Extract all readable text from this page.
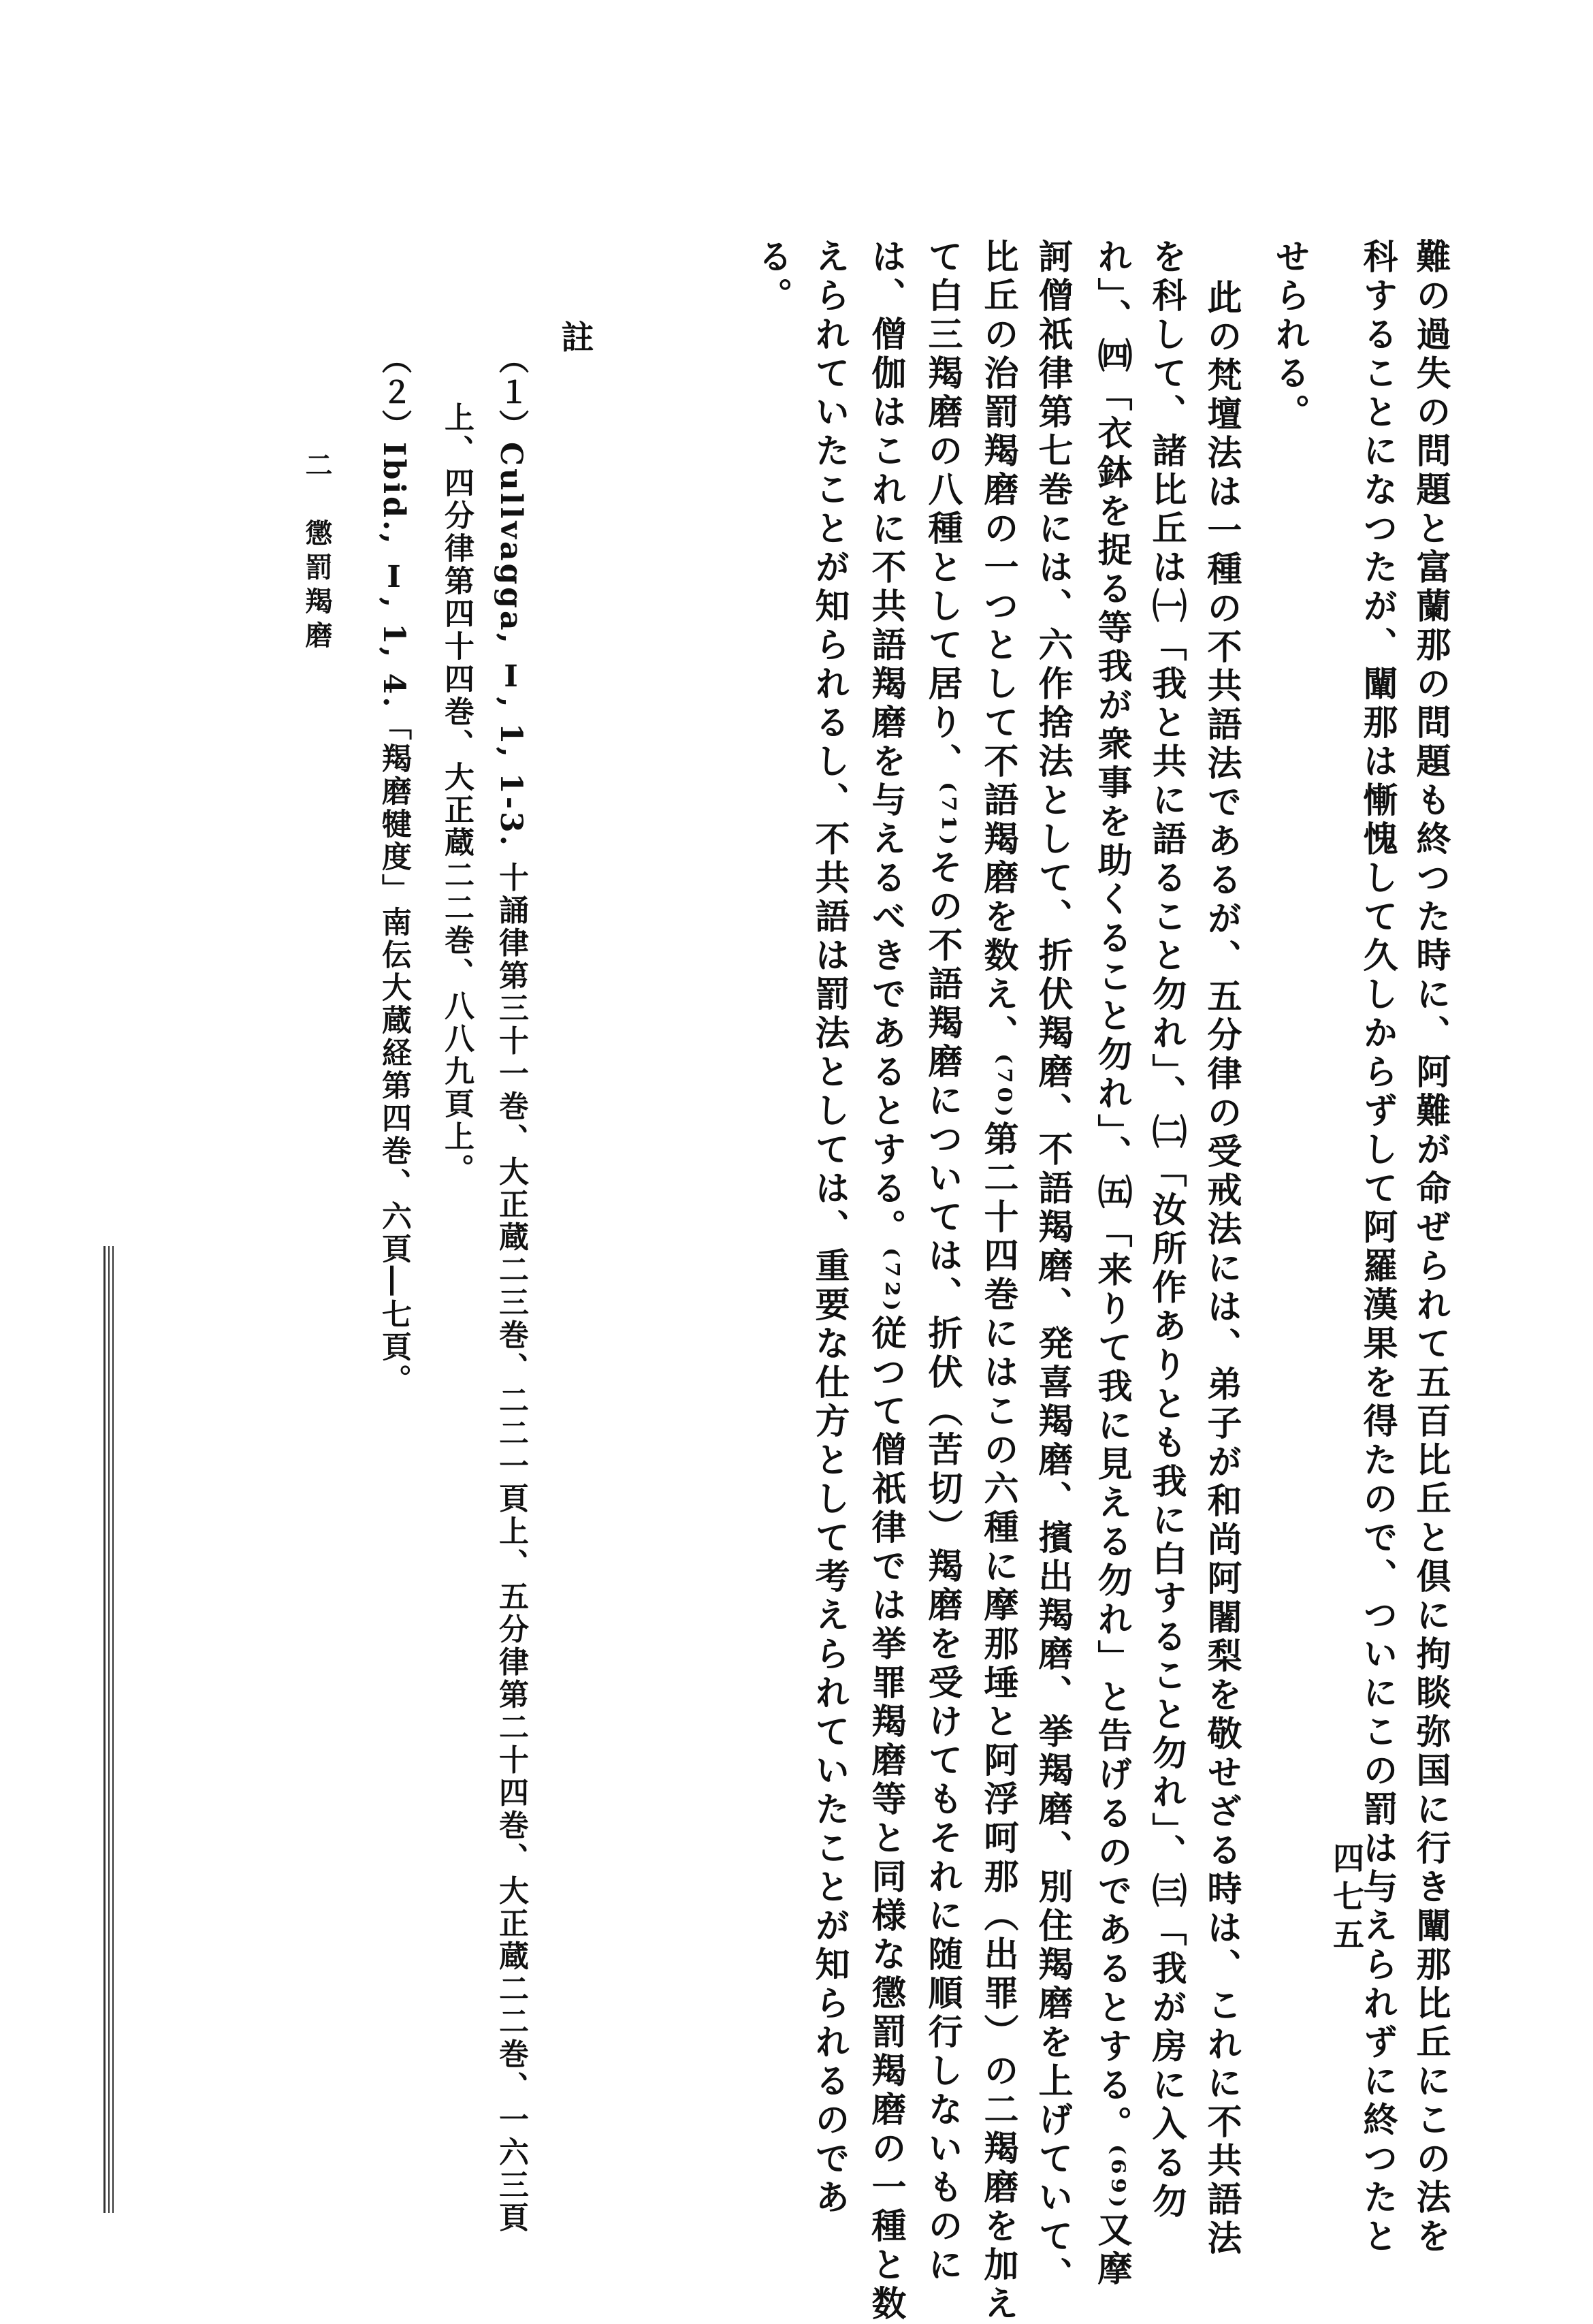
難の過失の問題と富蘭那の問題も終つた時に、阿難が命ぜられて五百比丘と倶に拘睒弥国に行き闡那比丘にこの法を
科することになつたが、闡那は慚愧して久しからずして阿羅漢果を得たので、ついにこの罰は与えられずに終つたと
せられる。
此の梵壇法は一種の不共語法であるが、五分律の受戒法には、弟子が和尚阿闍梨を敬せざる時は、これに不共語法
を科して、諸比丘は㈠「我と共に語ること勿れ」、㈡「汝所作ありとも我に白すること勿れ」、㈢「我が房に入る勿
れ」、㈣「衣鉢を捉る等我が衆事を助くること勿れ」、㈤「来りて我に見える勿れ」と告げるのであるとする。⁽⁶⁹⁾又摩
訶僧祇律第七巻には、六作捨法として、折伏羯磨、不語羯磨、発喜羯磨、擯出羯磨、挙羯磨、別住羯磨を上げていて、
比丘の治罰羯磨の一つとして不語羯磨を数え、⁽⁷⁰⁾第二十四巻にはこの六種に摩那埵と阿浮呵那（出罪）の二羯磨を加え
て白三羯磨の八種として居り、⁽⁷¹⁾その不語羯磨については、折伏（苦切）羯磨を受けてもそれに随順行しないものに
は、僧伽はこれに不共語羯磨を与えるべきであるとする。⁽⁷²⁾従つて僧祇律では挙罪羯磨等と同様な懲罰羯磨の一種と数
えられていたことが知られるし、不共語は罰法としては、重要な仕方として考えられていたことが知られるのであ
る。
註
（１）Cullvagga, Ⅰ, 1, 1-3. 十誦律第三十一巻、大正蔵二三巻、二二一頁上、五分律第二十四巻、大正蔵二二巻、一六三頁
上、四分律第四十四巻、大正蔵二二巻、八八九頁上。
（２）Ibid., Ⅰ, 1, 4.「羯磨犍度」南伝大蔵経第四巻、六頁―七頁。
二　懲罰羯磨
四七五
